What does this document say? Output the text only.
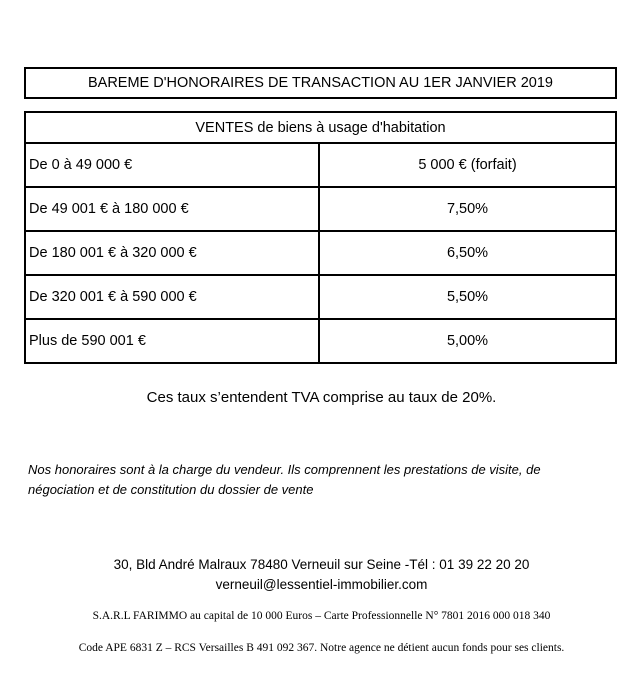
BAREME D'HONORAIRES DE TRANSACTION AU 1ER JANVIER 2019
VENTES de biens à usage d'habitation	
De 0 à 49 000 €	5 000 € (forfait)
De 49 001 € à 180 000 €	7,50%
De 180 001 € à 320 000 €	6,50%
De 320 001 € à 590 000 €	5,50%
Plus de 590 001 €	5,00%
Ces taux s’entendent TVA comprise au taux de 20%.
Nos honoraires sont à la charge du vendeur. Ils comprennent les prestations de visite, de négociation et de constitution du dossier de vente
30, Bld André Malraux 78480 Verneuil sur Seine -Tél : 01 39 22 20 20
verneuil@lessentiel-immobilier.com
S.A.R.L FARIMMO au capital de 10 000 Euros – Carte Professionnelle N° 7801 2016 000 018 340
Code APE 6831 Z – RCS Versailles B 491 092 367. Notre agence ne détient aucun fonds pour ses clients.
